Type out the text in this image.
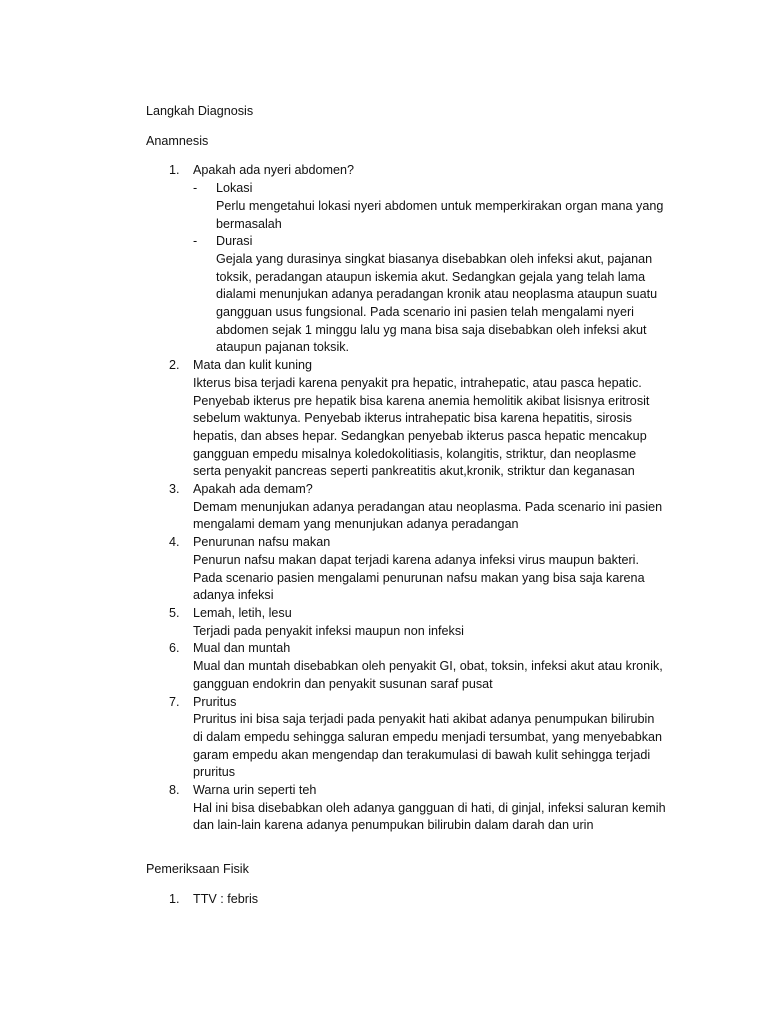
Langkah Diagnosis

Anamnesis

1. Apakah ada nyeri abdomen?
- Lokasi
Perlu mengetahui lokasi nyeri abdomen untuk memperkirakan organ mana yang bermasalah
- Durasi
Gejala yang durasinya singkat biasanya disebabkan oleh infeksi akut, pajanan toksik, peradangan ataupun iskemia akut. Sedangkan gejala yang telah lama dialami menunjukan adanya peradangan kronik atau neoplasma ataupun suatu gangguan usus fungsional. Pada scenario ini pasien telah mengalami nyeri abdomen sejak 1 minggu lalu yg mana bisa saja disebabkan oleh infeksi akut ataupun pajanan toksik.
2. Mata dan kulit kuning
Ikterus bisa terjadi karena penyakit pra hepatic, intrahepatic, atau pasca hepatic. Penyebab ikterus pre hepatik bisa karena anemia hemolitik akibat lisisnya eritrosit sebelum waktunya. Penyebab ikterus intrahepatic bisa karena hepatitis, sirosis hepatis, dan abses hepar. Sedangkan penyebab ikterus pasca hepatic mencakup gangguan empedu misalnya koledokolitiasis, kolangitis, striktur, dan neoplasme serta penyakit pancreas seperti pankreatitis akut,kronik, striktur dan keganasan
3. Apakah ada demam?
Demam menunjukan adanya peradangan atau neoplasma. Pada scenario ini pasien mengalami demam yang menunjukan adanya peradangan
4. Penurunan nafsu makan
Penurun nafsu makan dapat terjadi karena adanya infeksi virus maupun bakteri. Pada scenario pasien mengalami penurunan nafsu makan yang bisa saja karena adanya infeksi
5. Lemah, letih, lesu
Terjadi pada penyakit infeksi maupun non infeksi
6. Mual dan muntah
Mual dan muntah disebabkan oleh penyakit GI, obat, toksin, infeksi akut atau kronik, gangguan endokrin dan penyakit susunan saraf pusat
7. Pruritus
Pruritus ini bisa saja terjadi pada penyakit hati akibat adanya penumpukan bilirubin di dalam empedu sehingga saluran empedu menjadi tersumbat, yang menyebabkan garam empedu akan mengendap dan terakumulasi di bawah kulit sehingga terjadi pruritus
8. Warna urin seperti teh
Hal ini bisa disebabkan oleh adanya gangguan di hati, di ginjal, infeksi saluran kemih dan lain-lain karena adanya penumpukan bilirubin dalam darah dan urin

Pemeriksaan Fisik

1. TTV : febris
